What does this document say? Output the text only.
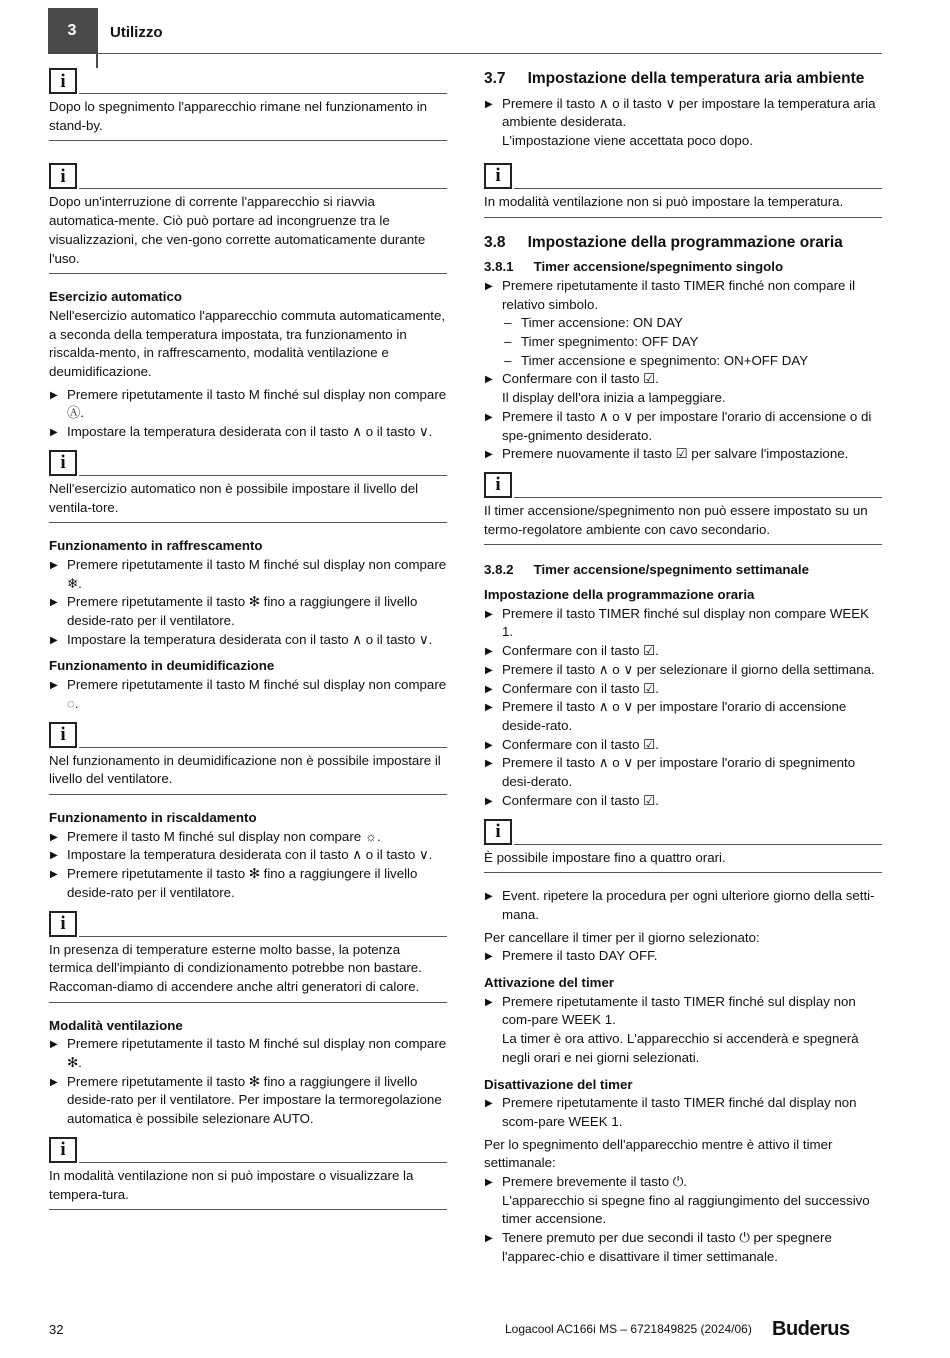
3	Utilizzo
i

Dopo lo spegnimento l'apparecchio rimane nel funzionamento in stand-by.

i

Dopo un'interruzione di corrente l'apparecchio si riavvia automatica-mente. Ciò può portare ad incongruenze tra le visualizzazioni, che ven-gono corrette automaticamente durante l'uso.

Esercizio automatico

Nell'esercizio automatico l'apparecchio commuta automaticamente, a seconda della temperatura impostata, tra funzionamento in riscalda-mento, in raffrescamento, modalità ventilazione e deumidificazione.

▶ Premere ripetutamente il tasto M finché sul display non compare Ⓐ.
▶ Impostare la temperatura desiderata con il tasto ∧ o il tasto ∨.
i

Nell'esercizio automatico non è possibile impostare il livello del ventila-tore.

Funzionamento in raffrescamento

▶ Premere ripetutamente il tasto M finché sul display non compare ❄.
▶ Premere ripetutamente il tasto ✻ fino a raggiungere il livello deside-rato per il ventilatore.
▶ Impostare la temperatura desiderata con il tasto ∧ o il tasto ∨.

Funzionamento in deumidificazione

▶ Premere ripetutamente il tasto M finché sul display non compare ◌.
i

Nel funzionamento in deumidificazione non è possibile impostare il livello del ventilatore.

Funzionamento in riscaldamento

▶ Premere il tasto M finché sul display non compare ☼.
▶ Impostare la temperatura desiderata con il tasto ∧ o il tasto ∨.
▶ Premere ripetutamente il tasto ✻ fino a raggiungere il livello deside-rato per il ventilatore.
i

In presenza di temperature esterne molto basse, la potenza termica dell'impianto di condizionamento potrebbe non bastare. Raccoman-diamo di accendere anche altri generatori di calore.

Modalità ventilazione

▶ Premere ripetutamente il tasto M finché sul display non compare ✻.
▶ Premere ripetutamente il tasto ✻ fino a raggiungere il livello deside-rato per il ventilatore. Per impostare la termoregolazione automatica è possibile selezionare AUTO.
i

In modalità ventilazione non si può impostare o visualizzare la tempera-tura.

3.7 Impostazione della temperatura aria ambiente
▶ Premere il tasto ∧ o il tasto ∨ per impostare la temperatura aria ambiente desiderata.
L'impostazione viene accettata poco dopo.
i

In modalità ventilazione non si può impostare la temperatura.

3.8 Impostazione della programmazione oraria
3.8.1 Timer accensione/spegnimento singolo
▶ Premere ripetutamente il tasto TIMER finché non compare il relativo simbolo.
– Timer accensione: ON DAY
– Timer spegnimento: OFF DAY
– Timer accensione e spegnimento: ON+OFF DAY
▶ Confermare con il tasto ☑.
Il display dell'ora inizia a lampeggiare.
▶ Premere il tasto ∧ o ∨ per impostare l'orario di accensione o di spe-gnimento desiderato.
▶ Premere nuovamente il tasto ☑ per salvare l'impostazione.
i

Il timer accensione/spegnimento non può essere impostato su un termo-regolatore ambiente con cavo secondario.

3.8.2 Timer accensione/spegnimento settimanale

Impostazione della programmazione oraria

▶ Premere il tasto TIMER finché sul display non compare WEEK 1.
▶ Confermare con il tasto ☑.
▶ Premere il tasto ∧ o ∨ per selezionare il giorno della settimana.
▶ Confermare con il tasto ☑.
▶ Premere il tasto ∧ o ∨ per impostare l'orario di accensione deside-rato.
▶ Confermare con il tasto ☑.
▶ Premere il tasto ∧ o ∨ per impostare l'orario di spegnimento desi-derato.
▶ Confermare con il tasto ☑.
i

È possibile impostare fino a quattro orari.

▶ Event. ripetere la procedura per ogni ulteriore giorno della setti-mana.

Per cancellare il timer per il giorno selezionato:

▶ Premere il tasto DAY OFF.

Attivazione del timer

▶ Premere ripetutamente il tasto TIMER finché sul display non com-pare WEEK 1.
La timer è ora attivo. L'apparecchio si accenderà e spegnerà negli orari e nei giorni selezionati.

Disattivazione del timer

▶ Premere ripetutamente il tasto TIMER finché dal display non scom-pare WEEK 1.

Per lo spegnimento dell'apparecchio mentre è attivo il timer settimanale:

▶ Premere brevemente il tasto ⏻.
L'apparecchio si spegne fino al raggiungimento del successivo timer accensione.
▶ Tenere premuto per due secondi il tasto ⏻ per spegnere l'apparec-chio e disattivare il timer settimanale.
32	Logacool AC166i MS – 6721849825 (2024/06) Buderus
